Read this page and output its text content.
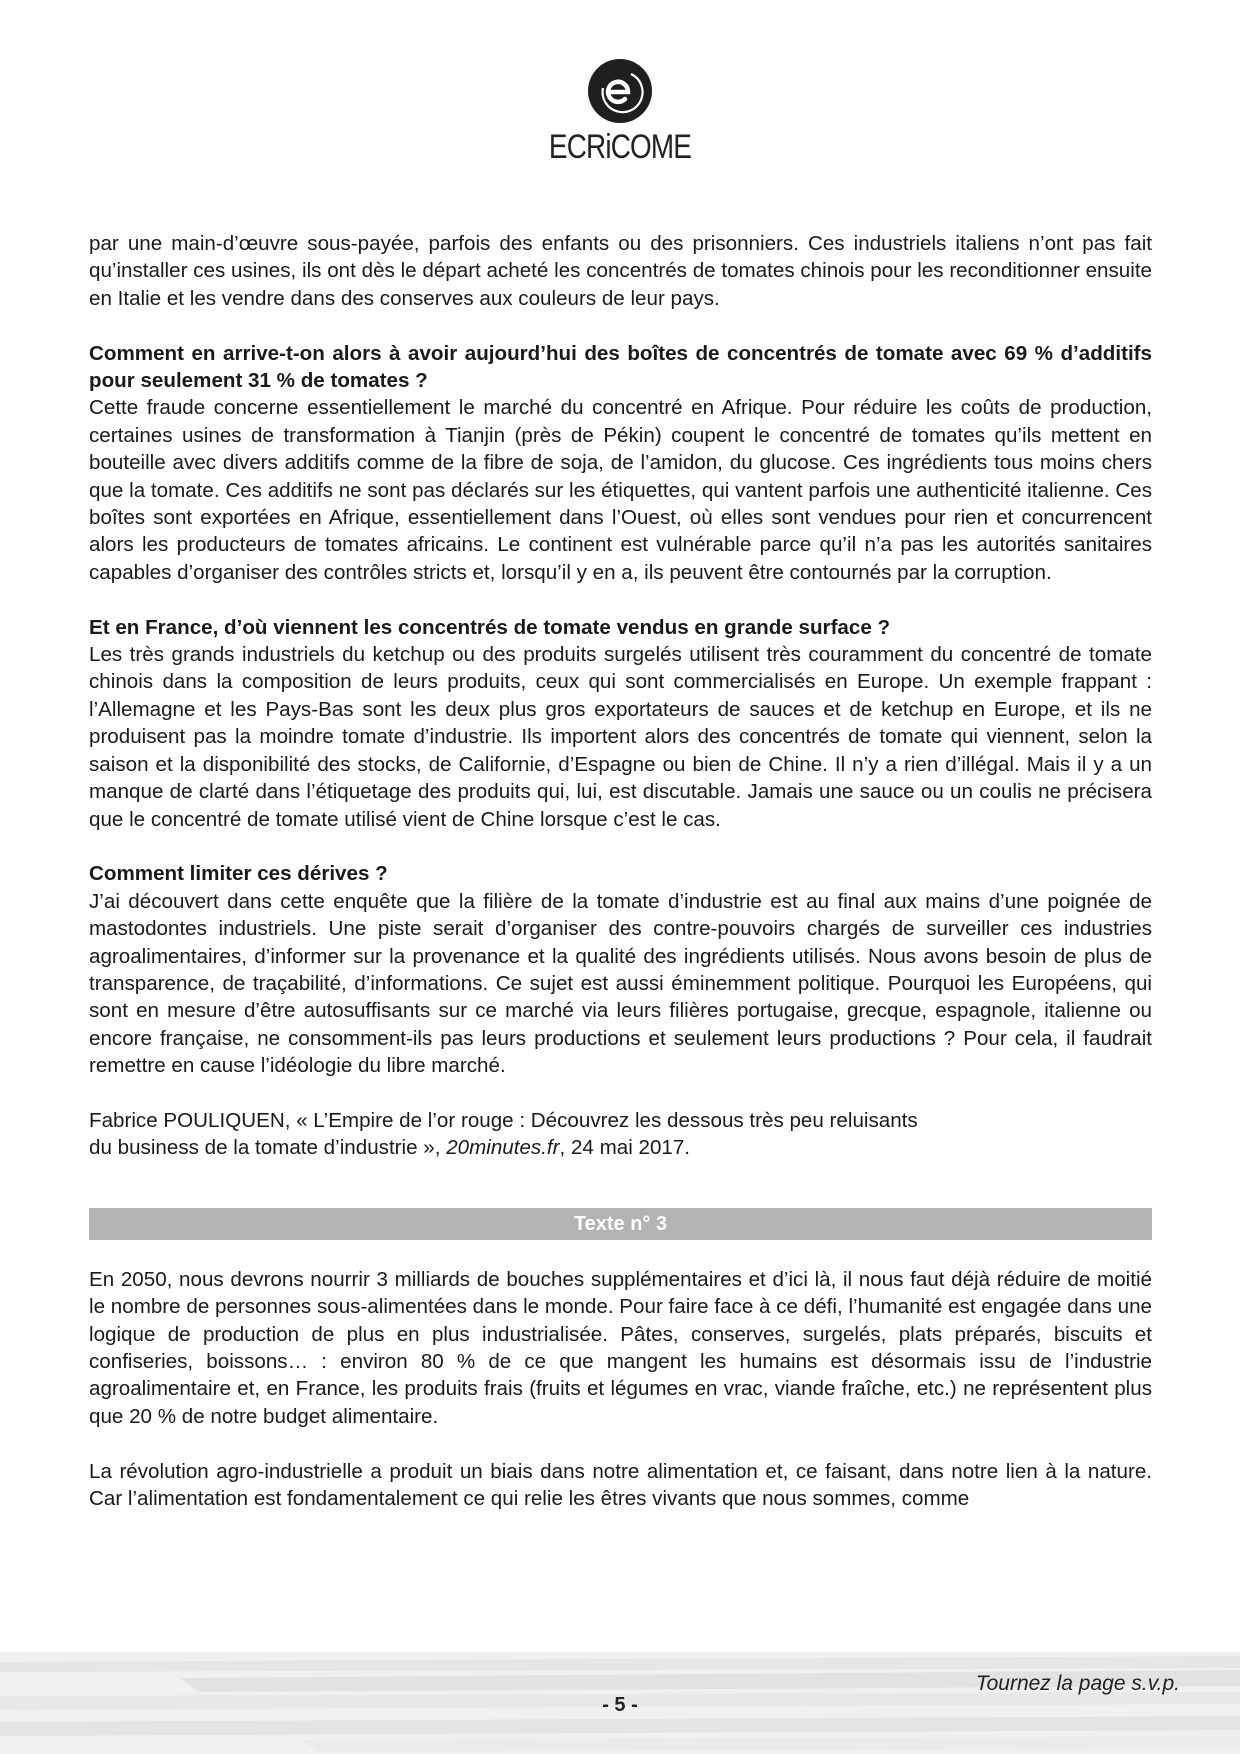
ECRiCOME

par une main-d’œuvre sous-payée, parfois des enfants ou des prisonniers. Ces industriels italiens n’ont pas fait qu’installer ces usines, ils ont dès le départ acheté les concentrés de tomates chinois pour les reconditionner ensuite en Italie et les vendre dans des conserves aux couleurs de leur pays.

Comment en arrive-t-on alors à avoir aujourd’hui des boîtes de concentrés de tomate avec 69 % d’additifs pour seulement 31 % de tomates ?

Cette fraude concerne essentiellement le marché du concentré en Afrique. Pour réduire les coûts de production, certaines usines de transformation à Tianjin (près de Pékin) coupent le concentré de tomates qu’ils mettent en bouteille avec divers additifs comme de la fibre de soja, de l’amidon, du glucose. Ces ingrédients tous moins chers que la tomate. Ces additifs ne sont pas déclarés sur les étiquettes, qui vantent parfois une authenticité italienne. Ces boîtes sont exportées en Afrique, essentiellement dans l’Ouest, où elles sont vendues pour rien et concurrencent alors les producteurs de tomates africains. Le continent est vulnérable parce qu’il n’a pas les autorités sanitaires capables d’organiser des contrôles stricts et, lorsqu’il y en a, ils peuvent être contournés par la corruption.

Et en France, d’où viennent les concentrés de tomate vendus en grande surface ?

Les très grands industriels du ketchup ou des produits surgelés utilisent très couramment du concentré de tomate chinois dans la composition de leurs produits, ceux qui sont commercialisés en Europe. Un exemple frappant : l’Allemagne et les Pays-Bas sont les deux plus gros exportateurs de sauces et de ketchup en Europe, et ils ne produisent pas la moindre tomate d’industrie. Ils importent alors des concentrés de tomate qui viennent, selon la saison et la disponibilité des stocks, de Californie, d’Espagne ou bien de Chine. Il n’y a rien d’illégal. Mais il y a un manque de clarté dans l’étiquetage des produits qui, lui, est discutable. Jamais une sauce ou un coulis ne précisera que le concentré de tomate utilisé vient de Chine lorsque c’est le cas.

Comment limiter ces dérives ?

J’ai découvert dans cette enquête que la filière de la tomate d’industrie est au final aux mains d’une poignée de mastodontes industriels. Une piste serait d’organiser des contre-pouvoirs chargés de surveiller ces industries agroalimentaires, d’informer sur la provenance et la qualité des ingrédients utilisés. Nous avons besoin de plus de transparence, de traçabilité, d’informations. Ce sujet est aussi éminemment politique. Pourquoi les Européens, qui sont en mesure d’être autosuffisants sur ce marché via leurs filières portugaise, grecque, espagnole, italienne ou encore française, ne consomment-ils pas leurs productions et seulement leurs productions ? Pour cela, il faudrait remettre en cause l’idéologie du libre marché.

Fabrice POULIQUEN, « L’Empire de l’or rouge : Découvrez les dessous très peu reluisants

du business de la tomate d’industrie », 20minutes.fr, 24 mai 2017.

Texte n° 3

En 2050, nous devrons nourrir 3 milliards de bouches supplémentaires et d’ici là, il nous faut déjà réduire de moitié le nombre de personnes sous-alimentées dans le monde. Pour faire face à ce défi, l’humanité est engagée dans une logique de production de plus en plus industrialisée. Pâtes, conserves, surgelés, plats préparés, biscuits et confiseries, boissons… : environ 80 % de ce que mangent les humains est désormais issu de l’industrie agroalimentaire et, en France, les produits frais (fruits et légumes en vrac, viande fraîche, etc.) ne représentent plus que 20 % de notre budget alimentaire.

La révolution agro-industrielle a produit un biais dans notre alimentation et, ce faisant, dans notre lien à la nature. Car l’alimentation est fondamentalement ce qui relie les êtres vivants que nous sommes, comme

Tournez la page s.v.p.
- 5 -
